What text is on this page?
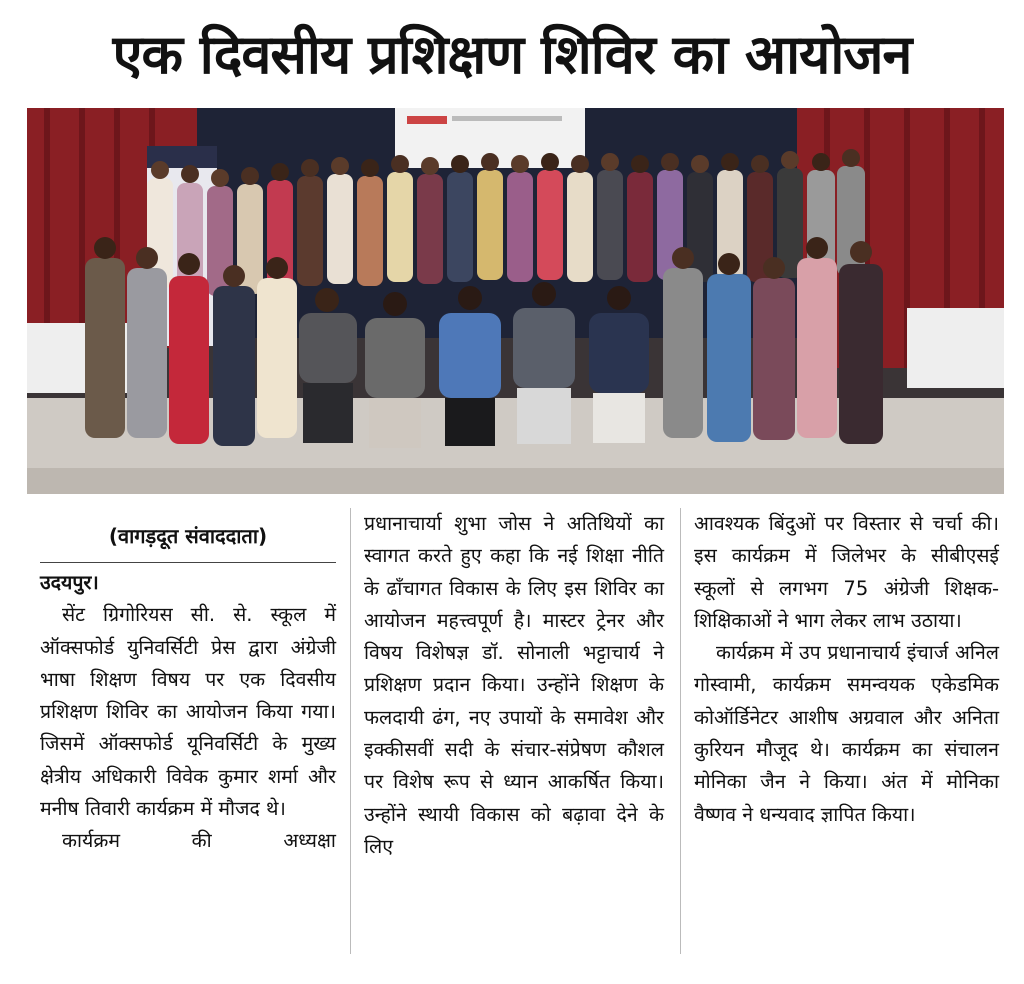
एक दिवसीय प्रशिक्षण शिविर का आयोजन
(वागड़दूत संवाददाता)

उदयपुर।

सेंट ग्रिगोरियस सी. से. स्कूल में ऑक्सफोर्ड युनिवर्सिटी प्रेस द्वारा अंग्रेजी भाषा शिक्षण विषय पर एक दिवसीय प्रशिक्षण शिविर का आयोजन किया गया। जिसमें ऑक्सफोर्ड यूनिवर्सिटी के मुख्य क्षेत्रीय अधिकारी विवेक कुमार शर्मा और मनीष तिवारी कार्यक्रम में मौजद थे।

कार्यक्रम की अध्यक्षा

प्रधानाचार्या शुभा जोस ने अतिथियों का स्वागत करते हुए कहा कि नई शिक्षा नीति के ढाँचागत विकास के लिए इस शिविर का आयोजन महत्त्वपूर्ण है। मास्टर ट्रेनर और विषय विशेषज्ञ डॉ. सोनाली भट्टाचार्य ने प्रशिक्षण प्रदान किया। उन्होंने शिक्षण के फलदायी ढंग, नए उपायों के समावेश और इक्कीसवीं सदी के संचार-संप्रेषण कौशल पर विशेष रूप से ध्यान आकर्षित किया। उन्होंने स्थायी विकास को बढ़ावा देने के लिए

आवश्यक बिंदुओं पर विस्तार से चर्चा की। इस कार्यक्रम में जिलेभर के सीबीएसई स्कूलों से लगभग 75 अंग्रेजी शिक्षक-शिक्षिकाओं ने भाग लेकर लाभ उठाया।

कार्यक्रम में उप प्रधानाचार्य इंचार्ज अनिल गोस्वामी, कार्यक्रम समन्वयक एकेडमिक कोऑर्डिनेटर आशीष अग्रवाल और अनिता कुरियन मौजूद थे। कार्यक्रम का संचालन मोनिका जैन ने किया। अंत में मोनिका वैष्णव ने धन्यवाद ज्ञापित किया।
